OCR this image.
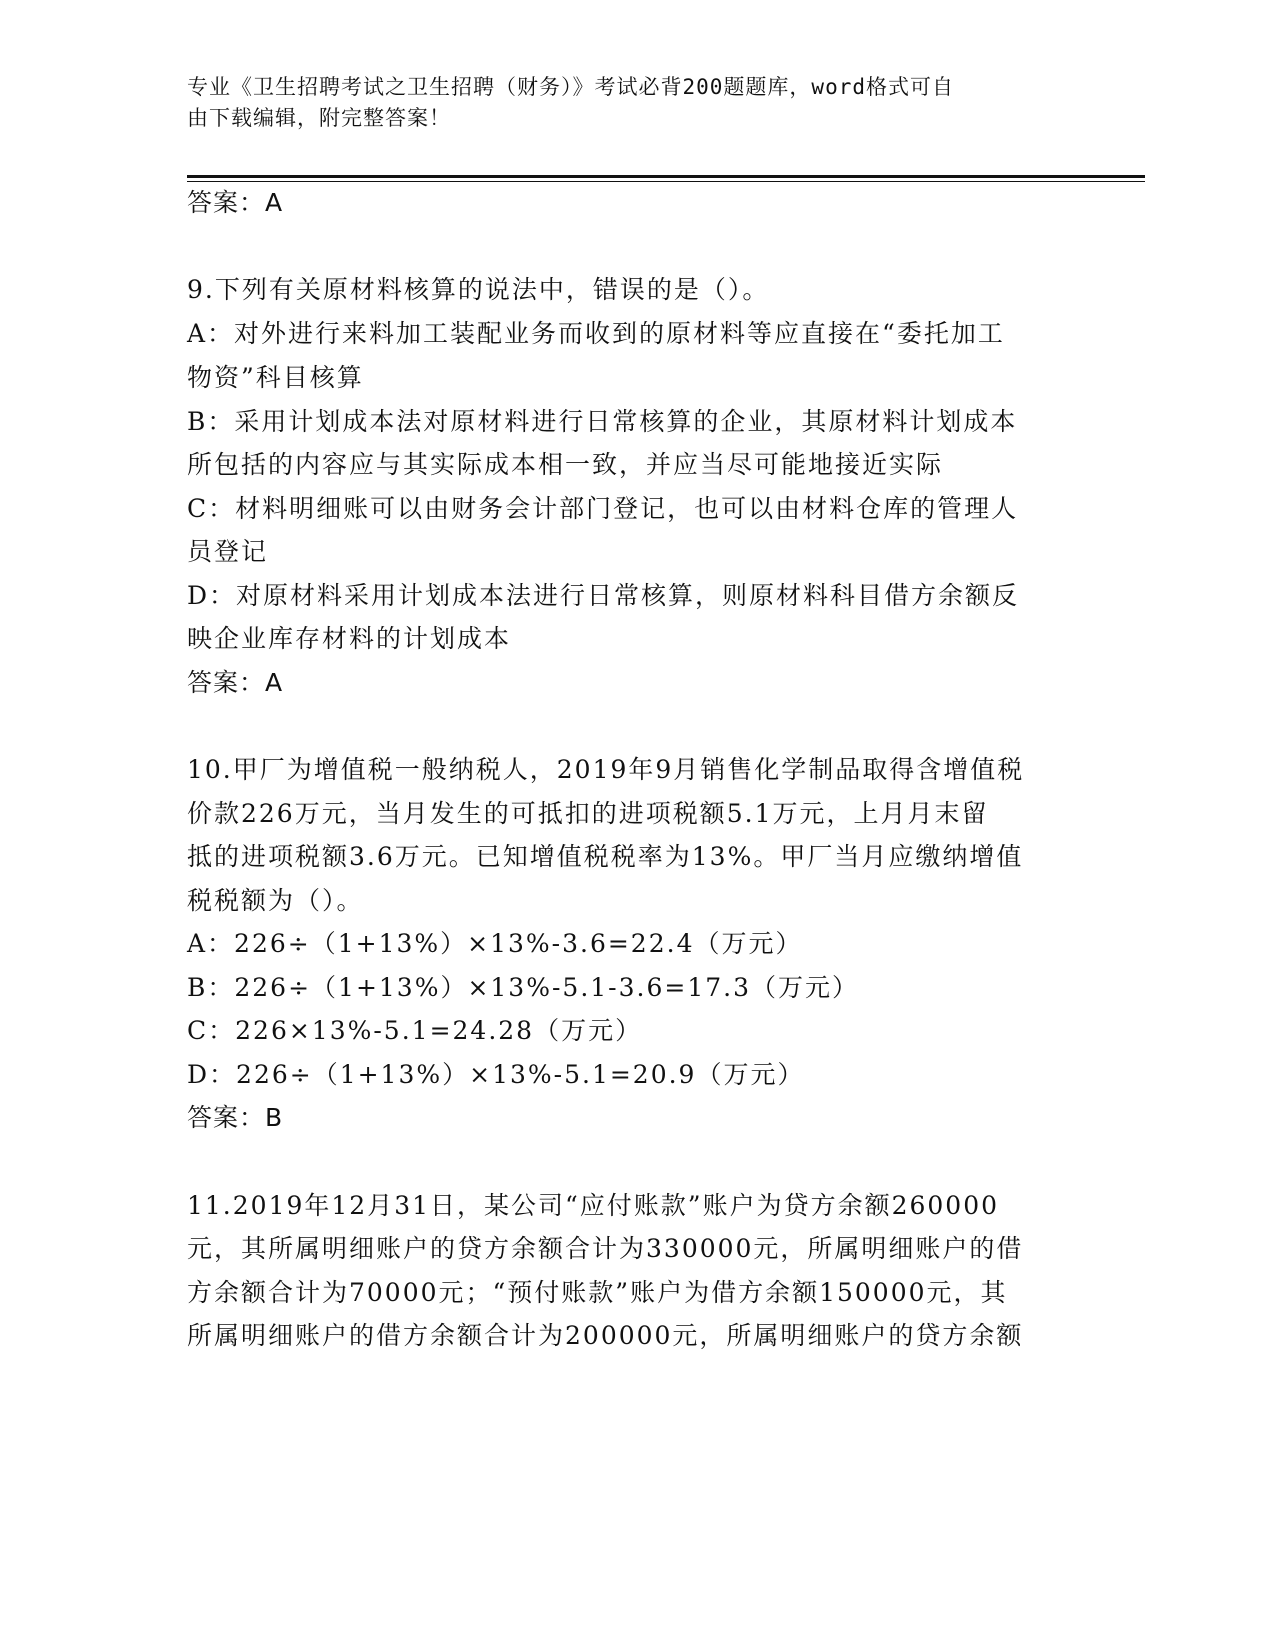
专业《卫生招聘考试之卫生招聘（财务）》考试必背200题题库，word格式可自
由下载编辑，附完整答案！
答案：A
9.下列有关原材料核算的说法中，错误的是（）。
A：对外进行来料加工装配业务而收到的原材料等应直接在“委托加工
物资”科目核算
B：采用计划成本法对原材料进行日常核算的企业，其原材料计划成本
所包括的内容应与其实际成本相一致，并应当尽可能地接近实际
C：材料明细账可以由财务会计部门登记，也可以由材料仓库的管理人
员登记
D：对原材料采用计划成本法进行日常核算，则原材料科目借方余额反
映企业库存材料的计划成本
答案：A
10.甲厂为增值税一般纳税人，2019年9月销售化学制品取得含增值税
价款226万元，当月发生的可抵扣的进项税额5.1万元，上月月末留
抵的进项税额3.6万元。已知增值税税率为13%。甲厂当月应缴纳增值
税税额为（）。
A：226÷（1+13%）×13%-3.6=22.4（万元）
B：226÷（1+13%）×13%-5.1-3.6=17.3（万元）
C：226×13%-5.1=24.28（万元）
D：226÷（1+13%）×13%-5.1=20.9（万元）
答案：B
11.2019年12月31日，某公司“应付账款”账户为贷方余额260000
元，其所属明细账户的贷方余额合计为330000元，所属明细账户的借
方余额合计为70000元；“预付账款”账户为借方余额150000元，其
所属明细账户的借方余额合计为200000元，所属明细账户的贷方余额
